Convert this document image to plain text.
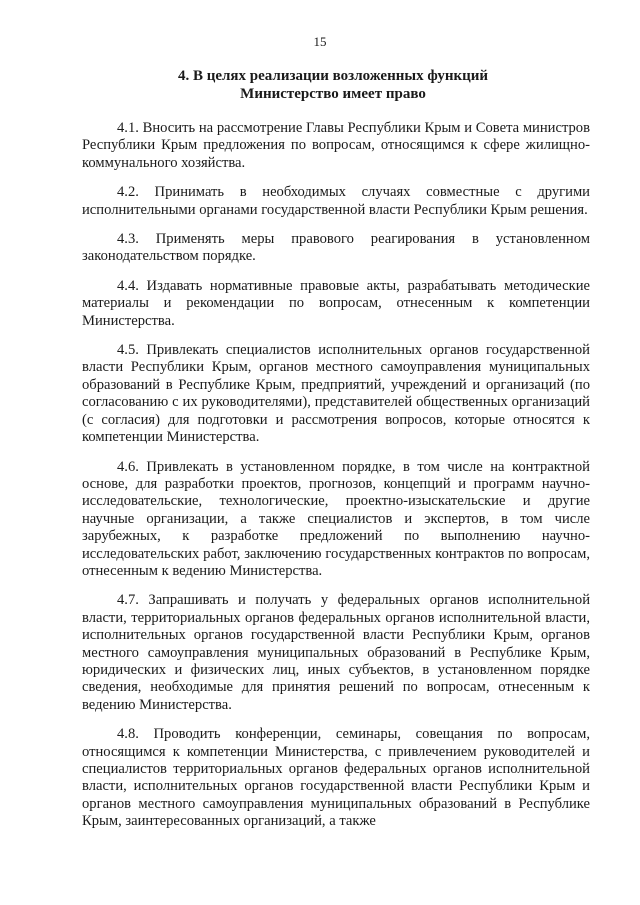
15
4. В целях реализации возложенных функций
Министерство имеет право

4.1. Вносить на рассмотрение Главы Республики Крым и Совета министров Республики Крым предложения по вопросам, относящимся к сфере жилищно-коммунального хозяйства.

4.2. Принимать в необходимых случаях совместные с другими исполнительными органами государственной власти Республики Крым решения.

4.3. Применять меры правового реагирования в установленном законодательством порядке.

4.4. Издавать нормативные правовые акты, разрабатывать методические материалы и рекомендации по вопросам, отнесенным к компетенции Министерства.

4.5. Привлекать специалистов исполнительных органов государственной власти Республики Крым, органов местного самоуправления муниципальных образований в Республике Крым, предприятий, учреждений и организаций (по согласованию с их руководителями), представителей общественных организаций (с согласия) для подготовки и рассмотрения вопросов, которые относятся к компетенции Министерства.

4.6. Привлекать в установленном порядке, в том числе на контрактной основе, для разработки проектов, прогнозов, концепций и программ научно-исследовательские, технологические, проектно-изыскательские и другие научные организации, а также специалистов и экспертов, в том числе зарубежных, к разработке предложений по выполнению научно-исследовательских работ, заключению государственных контрактов по вопросам, отнесенным к ведению Министерства.

4.7. Запрашивать и получать у федеральных органов исполнительной власти, территориальных органов федеральных органов исполнительной власти, исполнительных органов государственной власти Республики Крым, органов местного самоуправления муниципальных образований в Республике Крым, юридических и физических лиц, иных субъектов, в установленном порядке сведения, необходимые для принятия решений по вопросам, отнесенным к ведению Министерства.

4.8. Проводить конференции, семинары, совещания по вопросам, относящимся к компетенции Министерства, с привлечением руководителей и специалистов территориальных органов федеральных органов исполнительной власти, исполнительных органов государственной власти Республики Крым и органов местного самоуправления муниципальных образований в Республике Крым, заинтересованных организаций, а также
